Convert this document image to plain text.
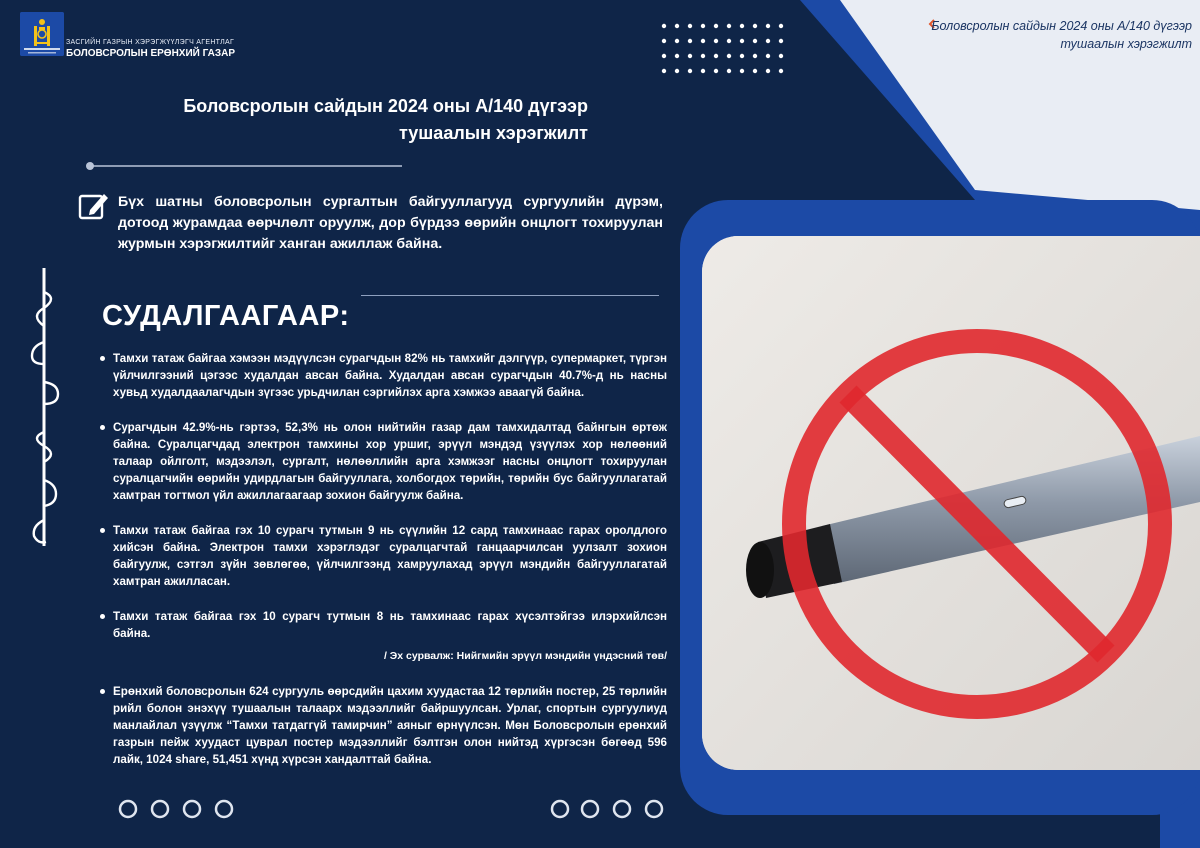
ЗАСГИЙН ГАЗРЫН ХЭРЭГЖҮҮЛЭГЧ АГЕНТЛАГ
БОЛОВСРОЛЫН ЕРӨНХИЙ ГАЗАР
Боловсролын сайдын 2024 оны А/140 дүгээр тушаалын хэрэгжилт
Боловсролын сайдын 2024 оны А/140 дүгээр тушаалын хэрэгжилт
Бүх шатны боловсролын сургалтын байгууллагууд сургуулийн дүрэм, дотоод журамдаа өөрчлөлт оруулж, дор бүрдээ өөрийн онцлогт тохируулан журмын хэрэгжилтийг ханган ажиллаж байна.
СУДАЛГААГААР:
Тамхи татаж байгаа хэмээн мэдүүлсэн сурагчдын 82% нь тамхийг дэлгүүр, супермаркет, түргэн үйлчилгээний цэгээс худалдан авсан байна. Худалдан авсан сурагчдын 40.7%-д нь насны хувьд худалдаалагчдын зүгээс урьдчилан сэргийлэх арга хэмжээ аваагүй байна.
Сурагчдын 42.9%-нь гэртээ, 52,3% нь олон нийтийн газар дам тамхидалтад байнгын өртөж байна. Суралцагчдад электрон тамхины хор уршиг, эрүүл мэндэд үзүүлэх хор нөлөөний талаар ойлголт, мэдээлэл, сургалт, нөлөөллийн арга хэмжээг насны онцлогт тохируулан суралцагчийн өөрийн удирдлагын байгууллага, холбогдох төрийн, төрийн бус байгууллагатай хамтран тогтмол үйл ажиллагаагаар зохион байгуулж байна.
Тамхи татаж байгаа гэх 10 сурагч тутмын 9 нь сүүлийн 12 сард тамхинаас гарах оролдлого хийсэн байна. Электрон тамхи хэрэглэдэг суралцагчтай ганцаарчилсан уулзалт зохион байгуулж, сэтгэл зүйн зөвлөгөө, үйлчилгээнд хамруулахад эрүүл мэндийн байгууллагатай хамтран ажилласан.
Тамхи татаж байгаа гэх 10 сурагч тутмын 8 нь тамхинаас гарах хүсэлтэйгээ илэрхийлсэн байна.
/ Эх сурвалж: Нийгмийн эрүүл мэндийн үндэсний төв/
Ерөнхий боловсролын 624 сургууль өөрсдийн цахим хуудастаа 12 төрлийн постер, 25 төрлийн рийл болон энэхүү тушаалын талаарх мэдээллийг байршуулсан. Урлаг, спортын сургуулиуд манлайлал үзүүлж “Тамхи татдаггүй тамирчин” аяныг өрнүүлсэн. Мөн Боловсролын ерөнхий газрын пейж хуудаст цуврал постер мэдээллийг бэлтгэн олон нийтэд хүргэсэн бөгөөд 596 лайк, 1024 share, 51,451 хүнд хүрсэн хандалттай байна.
